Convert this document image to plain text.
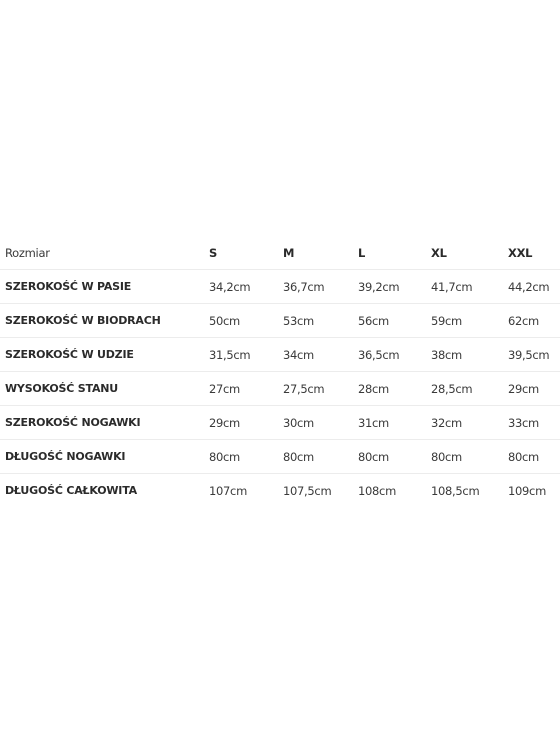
Rozmiar	S	M	L	XL	XXL
SZEROKOŚĆ W PASIE	34,2cm	36,7cm	39,2cm	41,7cm	44,2cm
SZEROKOŚĆ W BIODRACH	50cm	53cm	56cm	59cm	62cm
SZEROKOŚĆ W UDZIE	31,5cm	34cm	36,5cm	38cm	39,5cm
WYSOKOŚĆ STANU	27cm	27,5cm	28cm	28,5cm	29cm
SZEROKOŚĆ NOGAWKI	29cm	30cm	31cm	32cm	33cm
DŁUGOŚĆ NOGAWKI	80cm	80cm	80cm	80cm	80cm
DŁUGOŚĆ CAŁKOWITA	107cm	107,5cm	108cm	108,5cm	109cm
